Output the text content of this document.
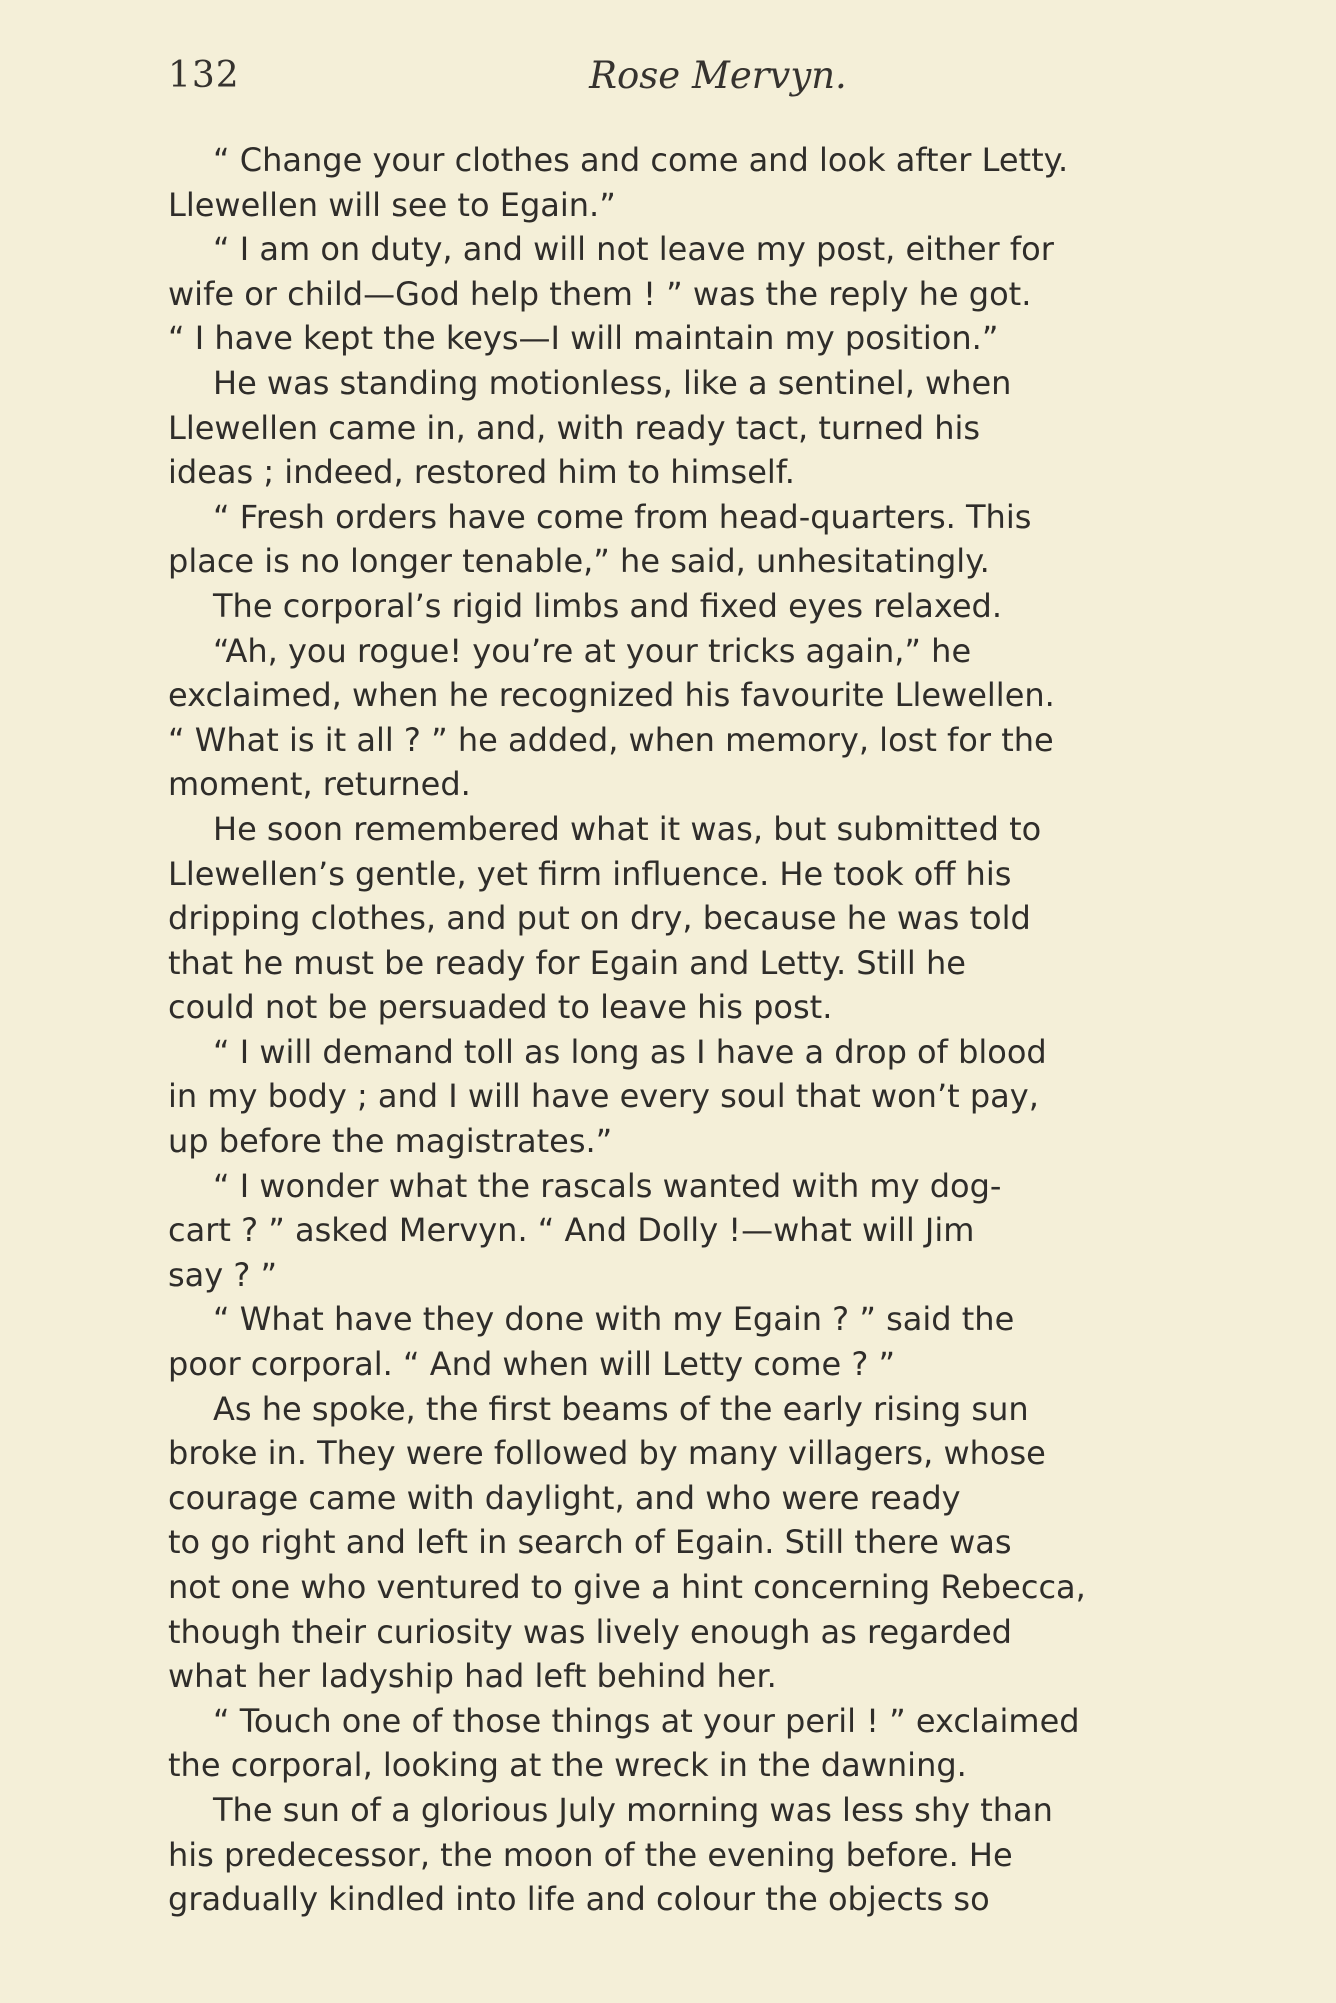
132	Rose Mervyn.
“ Change your clothes and come and look after Letty.
Llewellen will see to Egain.”
“ I am on duty, and will not leave my post, either for
wife or child—God help them ! ” was the reply he got.
“ I have kept the keys—I will maintain my position.”
He was standing motionless, like a sentinel, when
Llewellen came in, and, with ready tact, turned his
ideas ; indeed, restored him to himself.
“ Fresh orders have come from head-quarters. This
place is no longer tenable,” he said, unhesitatingly.
The corporal’s rigid limbs and fixed eyes relaxed.
“Ah, you rogue! you’re at your tricks again,” he
exclaimed, when he recognized his favourite Llewellen.
“ What is it all ? ” he added, when memory, lost for the
moment, returned.
He soon remembered what it was, but submitted to
Llewellen’s gentle, yet firm influence. He took off his
dripping clothes, and put on dry, because he was told
that he must be ready for Egain and Letty. Still he
could not be persuaded to leave his post.
“ I will demand toll as long as I have a drop of blood
in my body ; and I will have every soul that won’t pay,
up before the magistrates.”
“ I wonder what the rascals wanted with my dog-
cart ? ” asked Mervyn. “ And Dolly !—what will Jim
say ? ”
“ What have they done with my Egain ? ” said the
poor corporal. “ And when will Letty come ? ”
As he spoke, the first beams of the early rising sun
broke in. They were followed by many villagers, whose
courage came with daylight, and who were ready
to go right and left in search of Egain. Still there was
not one who ventured to give a hint concerning Rebecca,
though their curiosity was lively enough as regarded
what her ladyship had left behind her.
“ Touch one of those things at your peril ! ” exclaimed
the corporal, looking at the wreck in the dawning.
The sun of a glorious July morning was less shy than
his predecessor, the moon of the evening before. He
gradually kindled into life and colour the objects so
